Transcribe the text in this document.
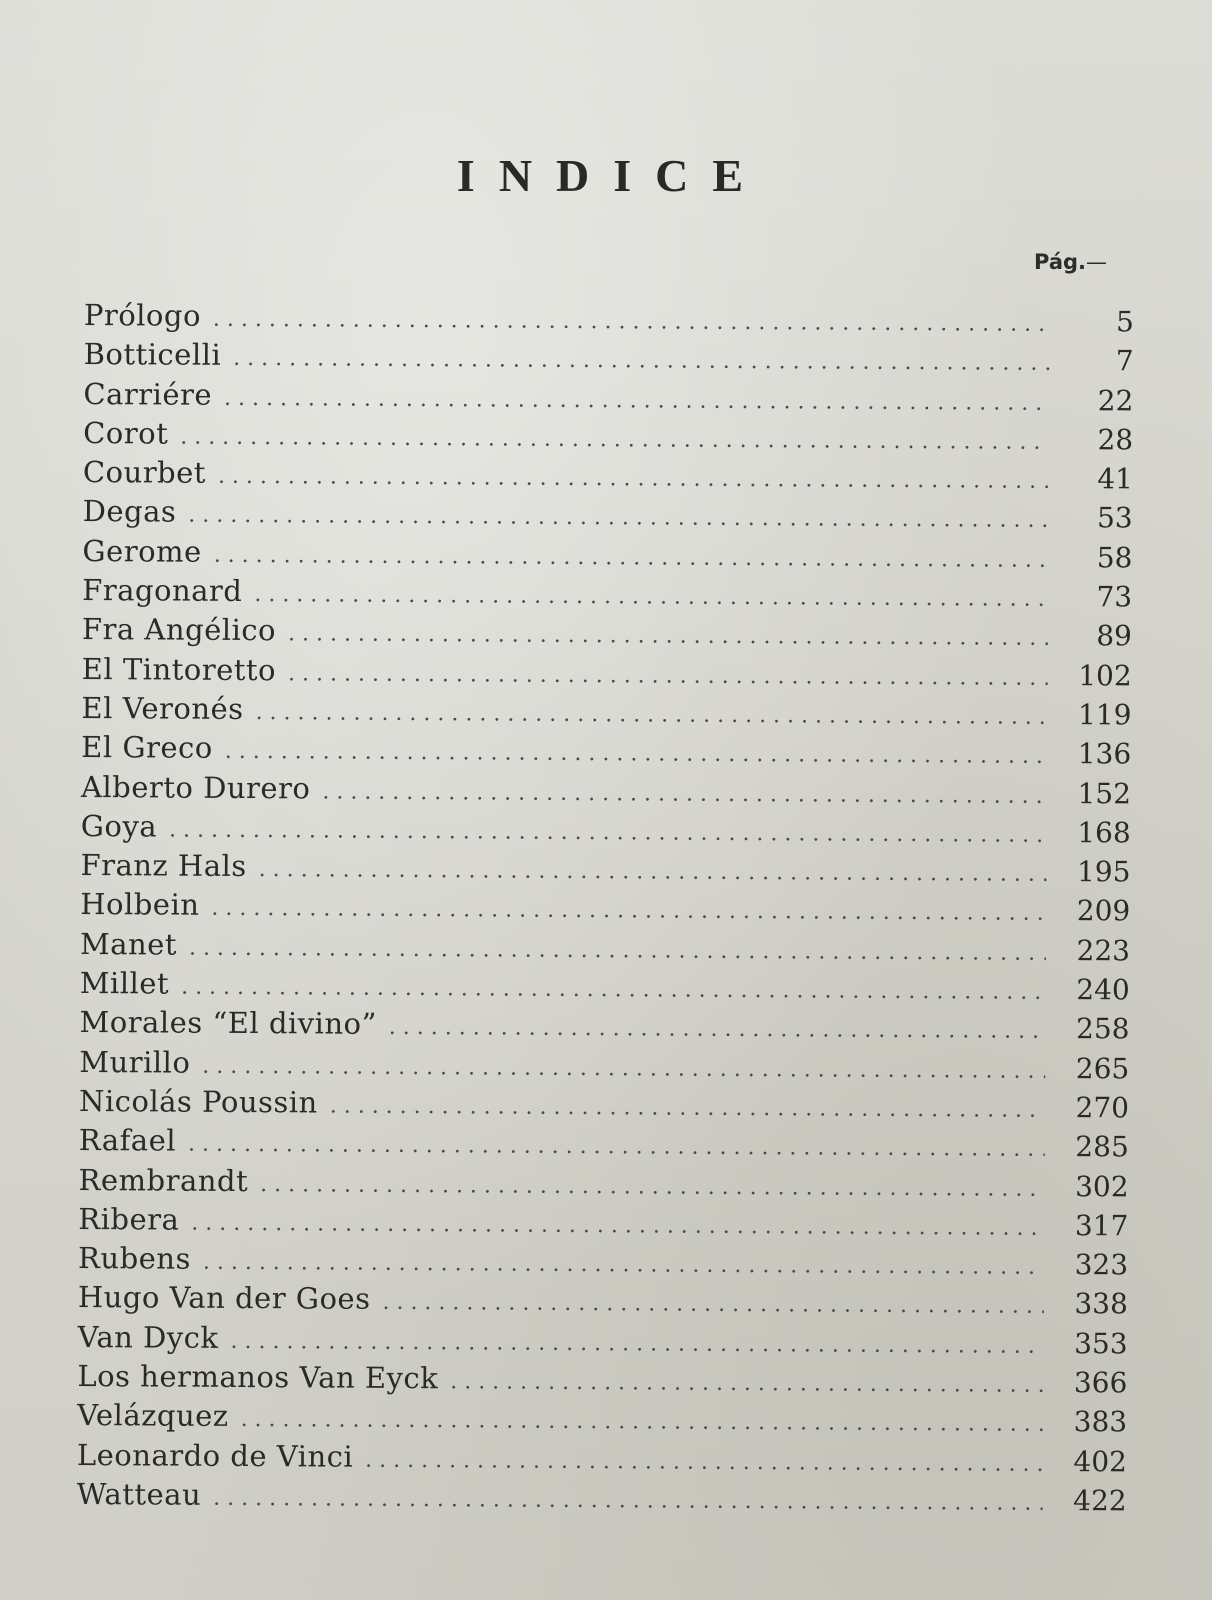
INDICE
Pág.—
Prólogo . . .	5
Botticelli . . .	7
Carriére . . .	22
Corot . . .	28
Courbet . . .	41
Degas . . .	53
Gerome . . .	58
Fragonard . . .	73
Fra Angélico . . .	89
El Tintoretto . . .	102
El Veronés . . .	119
El Greco . . .	136
Alberto Durero . . .	152
Goya . . .	168
Franz Hals . . .	195
Holbein . . .	209
Manet . . .	223
Millet . . .	240
Morales “El divino” . . .	258
Murillo . . .	265
Nicolás Poussin . . .	270
Rafael . . .	285
Rembrandt . . .	302
Ribera . . .	317
Rubens . . .	323
Hugo Van der Goes . . .	338
Van Dyck . . .	353
Los hermanos Van Eyck . . .	366
Velázquez . . .	383
Leonardo de Vinci . . .	402
Watteau . . .	422
